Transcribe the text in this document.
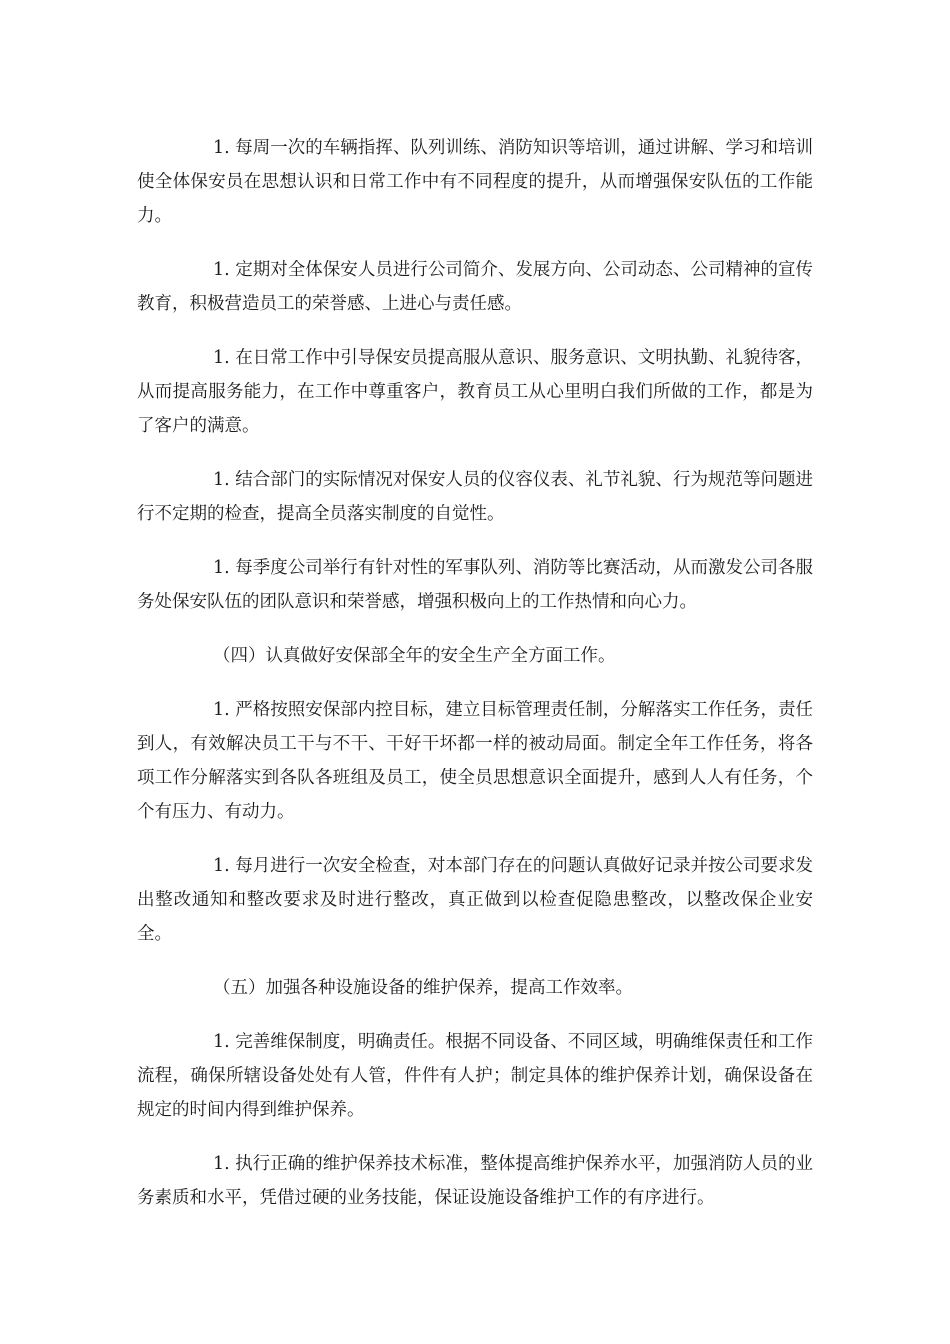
1. 每周一次的车辆指挥、队列训练、消防知识等培训，通过讲解、学习和培训使全体保安员在思想认识和日常工作中有不同程度的提升，从而增强保安队伍的工作能力。

1. 定期对全体保安人员进行公司简介、发展方向、公司动态、公司精神的宣传教育，积极营造员工的荣誉感、上进心与责任感。

1. 在日常工作中引导保安员提高服从意识、服务意识、文明执勤、礼貌待客，从而提高服务能力，在工作中尊重客户，教育员工从心里明白我们所做的工作，都是为了客户的满意。

1. 结合部门的实际情况对保安人员的仪容仪表、礼节礼貌、行为规范等问题进行不定期的检查，提高全员落实制度的自觉性。

1. 每季度公司举行有针对性的军事队列、消防等比赛活动，从而激发公司各服务处保安队伍的团队意识和荣誉感，增强积极向上的工作热情和向心力。

（四）认真做好安保部全年的安全生产全方面工作。

1. 严格按照安保部内控目标，建立目标管理责任制，分解落实工作任务，责任到人，有效解决员工干与不干、干好干坏都一样的被动局面。制定全年工作任务，将各项工作分解落实到各队各班组及员工，使全员思想意识全面提升，感到人人有任务，个个有压力、有动力。

1. 每月进行一次安全检查，对本部门存在的问题认真做好记录并按公司要求发出整改通知和整改要求及时进行整改，真正做到以检查促隐患整改，以整改保企业安全。

（五）加强各种设施设备的维护保养，提高工作效率。

1. 完善维保制度，明确责任。根据不同设备、不同区域，明确维保责任和工作流程，确保所辖设备处处有人管，件件有人护；制定具体的维护保养计划，确保设备在规定的时间内得到维护保养。

1. 执行正确的维护保养技术标准，整体提高维护保养水平，加强消防人员的业务素质和水平，凭借过硬的业务技能，保证设施设备维护工作的有序进行。
